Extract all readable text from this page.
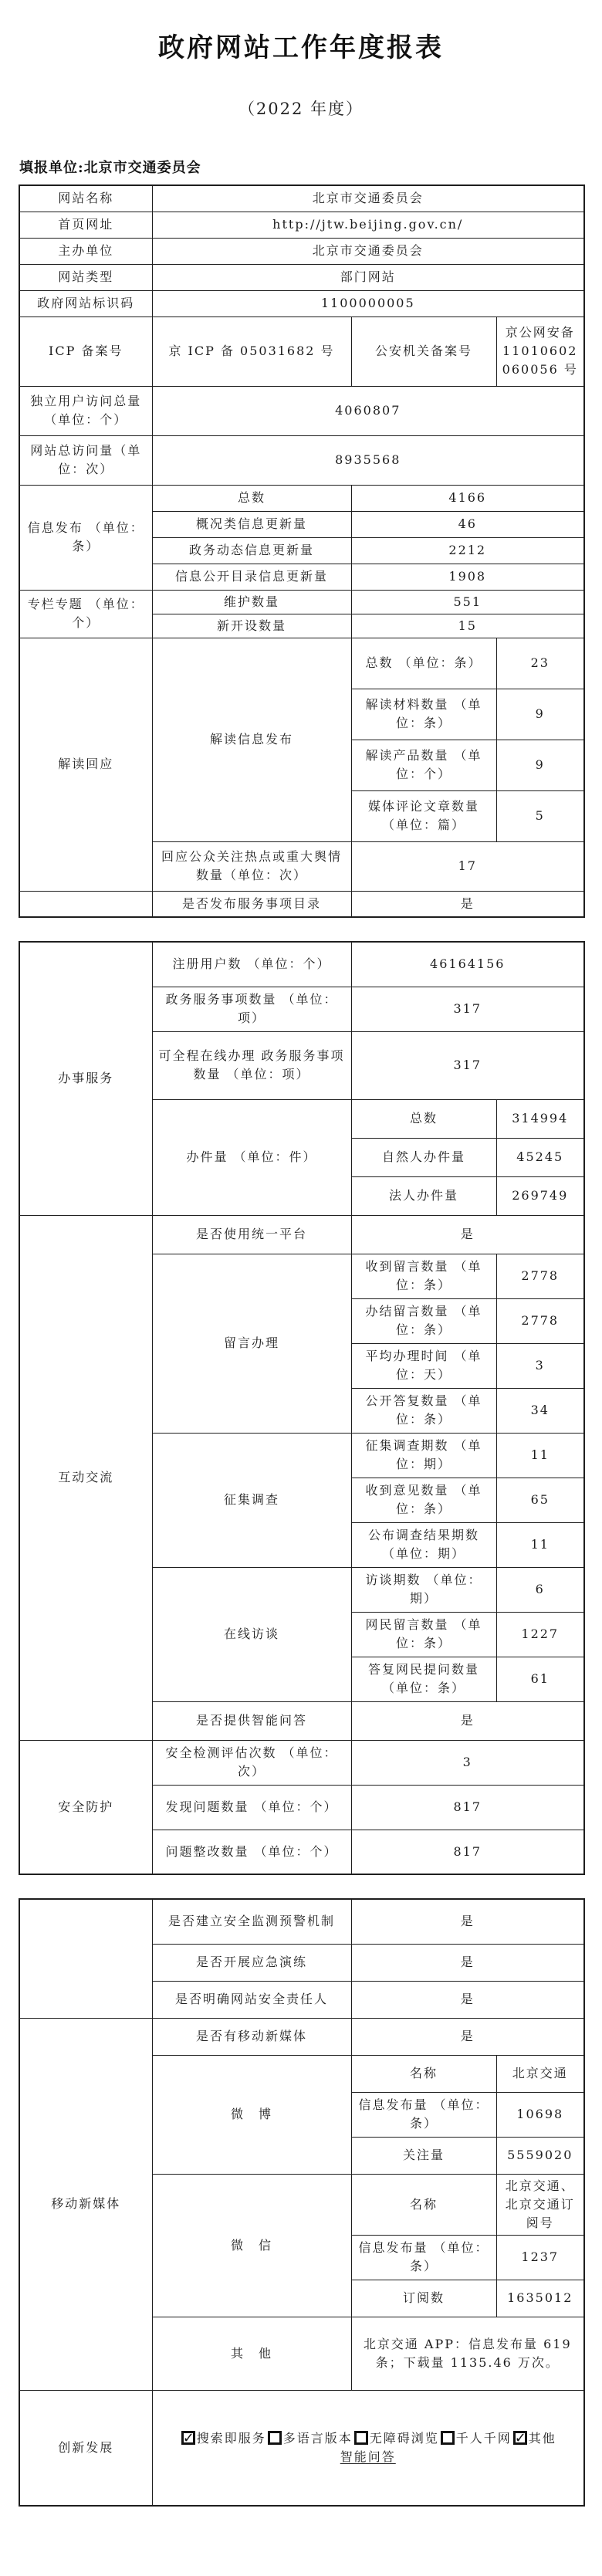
政府网站工作年度报表
（2022 年度）
填报单位:北京市交通委员会
网站名称	北京市交通委员会		
首页网址	http://jtw.beijing.gov.cn/		
主办单位	北京市交通委员会		
网站类型	部门网站		
政府网站标识码	1100000005		
ICP 备案号	京 ICP 备 05031682 号	公安机关备案号	京公网安备 11010602060056 号
独立用户访问总量（单位：个）	4060807		
网站总访问量（单位：次）	8935568		
信息发布 （单位：条）	总数	4166	
	概况类信息更新量	46	
	政务动态信息更新量	2212	
	信息公开目录信息更新量	1908	
专栏专题 （单位：个）	维护数量	551	
	新开设数量	15	
解读回应	解读信息发布	总数 （单位：条）	23
		解读材料数量 （单位：条）	9
		解读产品数量 （单位：个）	9
		媒体评论文章数量 （单位：篇）	5
	回应公众关注热点或重大舆情数量（单位：次）	17	
	是否发布服务事项目录	是	
办事服务	注册用户数 （单位：个）	46164156	
	政务服务事项数量 （单位：项）	317	
	可全程在线办理 政务服务事项数量 （单位：项）	317	
	办件量 （单位：件）	总数	314994
		自然人办件量	45245
		法人办件量	269749
互动交流	是否使用统一平台	是	
	留言办理	收到留言数量 （单位：条）	2778
		办结留言数量 （单位：条）	2778
		平均办理时间 （单位：天）	3
		公开答复数量 （单位：条）	34
	征集调查	征集调查期数 （单位：期）	11
		收到意见数量 （单位：条）	65
		公布调查结果期数 （单位：期）	11
	在线访谈	访谈期数 （单位：期）	6
		网民留言数量 （单位：条）	1227
		答复网民提问数量 （单位：条）	61
	是否提供智能问答	是	
安全防护	安全检测评估次数 （单位：次）	3	
	发现问题数量 （单位：个）	817	
	问题整改数量 （单位：个）	817	
	是否建立安全监测预警机制	是	
	是否开展应急演练	是	
	是否明确网站安全责任人	是	
移动新媒体	是否有移动新媒体	是	
	微　博	名称	北京交通
		信息发布量 （单位：条）	10698
		关注量	5559020
	微　信	名称	北京交通、北京交通订阅号
		信息发布量 （单位：条）	1237
		订阅数	1635012
	其　他	北京交通 APP：信息发布量 619 条；下载量 1135.46 万次。	
创新发展	✓搜索即服务 多语言版本 无障碍浏览 千人千网 ✓ 其他
智能问答
